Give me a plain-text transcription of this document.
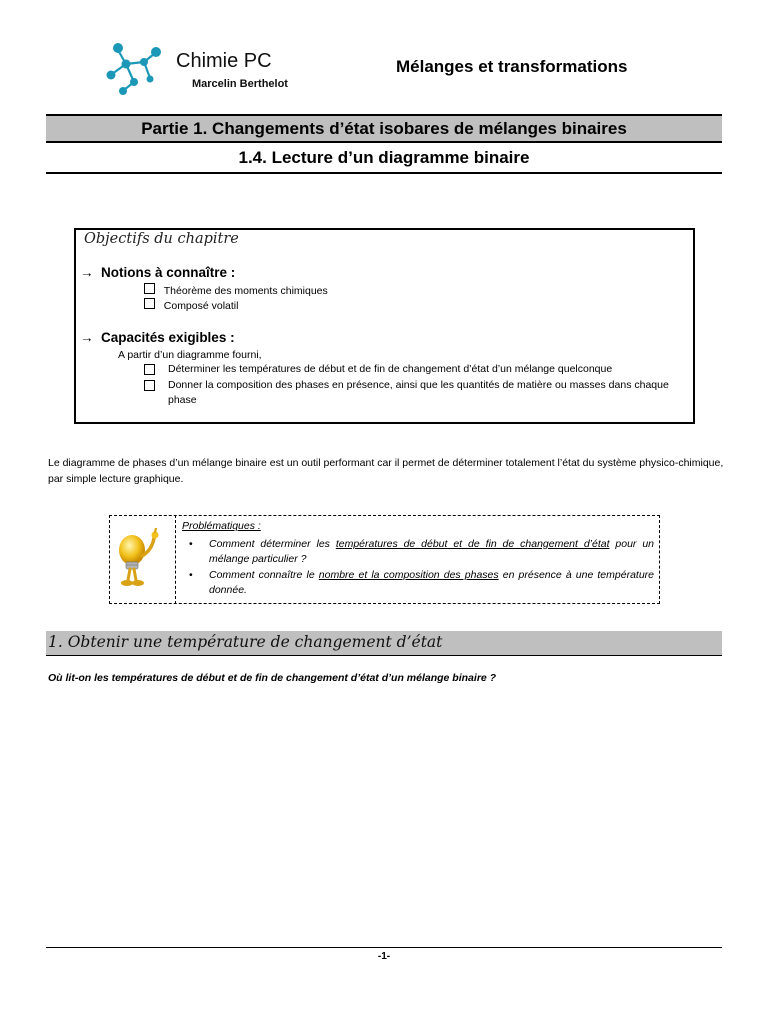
Chimie PC
Marcelin Berthelot
Mélanges et transformations
Partie 1. Changements d’état isobares de mélanges binaires
1.4. Lecture d’un diagramme binaire
Objectifs du chapitre
→ Notions à connaître :
Théorème des moments chimiques
Composé volatil
→ Capacités exigibles :
A partir d’un diagramme fourni,
Déterminer les températures de début et de fin de changement d’état d’un mélange quelconque
Donner la composition des phases en présence, ainsi que les quantités de matière ou masses dans chaque phase
Le diagramme de phases d’un mélange binaire est un outil performant car il permet de déterminer totalement l’état du système physico-chimique, par simple lecture graphique.
Problématiques :
• Comment déterminer les températures de début et de fin de changement d’état pour un mélange particulier ?
• Comment connaître le nombre et la composition des phases en présence à une température donnée.
1. Obtenir une température de changement d’état
Où lit-on les températures de début et de fin de changement d’état d’un mélange binaire ?
-1-
